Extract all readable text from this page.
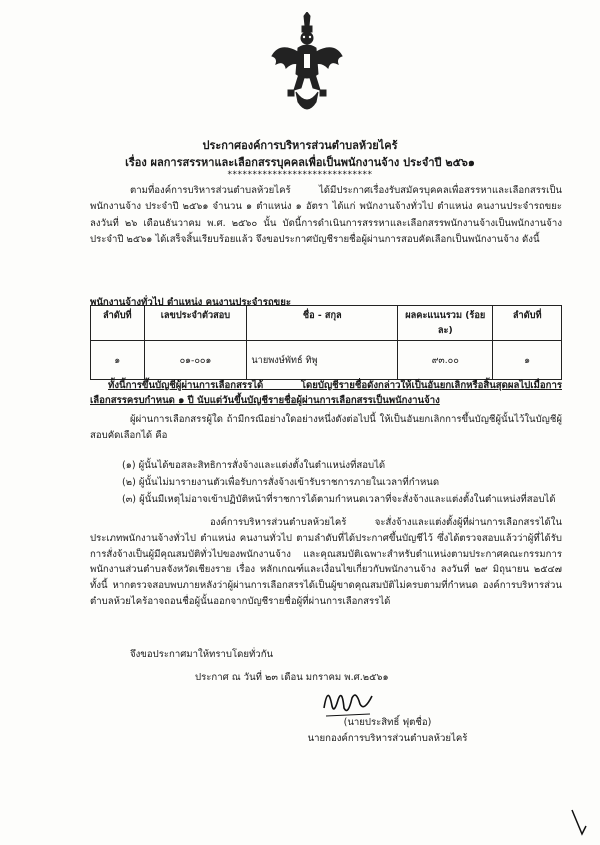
ประกาศองค์การบริหารส่วนตำบลห้วยไคร้
เรื่อง ผลการสรรหาและเลือกสรรบุคคลเพื่อเป็นพนักงานจ้าง ประจำปี ๒๕๖๑
*****************************
ตามที่องค์การบริหารส่วนตำบลห้วยไคร้ ได้มีประกาศเรื่องรับสมัครบุคคลเพื่อสรรหาและเลือกสรรเป็นพนักงานจ้าง ประจำปี ๒๕๖๑ จำนวน ๑ ตำแหน่ง ๑ อัตรา ได้แก่ พนักงานจ้างทั่วไป ตำแหน่ง คนงานประจำรถขยะ ลงวันที่ ๒๖ เดือนธันวาคม พ.ศ. ๒๕๖๐ นั้น บัดนี้การดำเนินการสรรหาและเลือกสรรพนักงานจ้างเป็นพนักงานจ้าง ประจำปี ๒๕๖๑ ได้เสร็จสิ้นเรียบร้อยแล้ว จึงขอประกาศบัญชีรายชื่อผู้ผ่านการสอบคัดเลือกเป็นพนักงานจ้าง ดังนี้
พนักงานจ้างทั่วไป ตำแหน่ง คนงานประจำรถขยะ
ลำดับที่	เลขประจำตัวสอบ	ชื่อ - สกุล	ผลคะแนนรวม (ร้อยละ)	ลำดับที่
๑	๐๑-๐๐๑	นายพงษ์พัทธ์ ทิพู	๙๓.๐๐	๑
ทั้งนี้การขึ้นบัญชีผู้ผ่านการเลือกสรรได้ โดยบัญชีรายชื่อดังกล่าวให้เป็นอันยกเลิกหรือสิ้นสุดผลไปเมื่อการเลือกสรรครบกำหนด ๑ ปี นับแต่วันขึ้นบัญชีรายชื่อผู้ผ่านการเลือกสรรเป็นพนักงานจ้าง
ผู้ผ่านการเลือกสรรผู้ใด ถ้ามีกรณีอย่างใดอย่างหนึ่งดังต่อไปนี้ ให้เป็นอันยกเลิกการขึ้นบัญชีผู้นั้นไว้ในบัญชีผู้สอบคัดเลือกได้ คือ
(๑) ผู้นั้นได้ขอสละสิทธิการสั่งจ้างและแต่งตั้งในตำแหน่งที่สอบได้
(๒) ผู้นั้นไม่มารายงานตัวเพื่อรับการสั่งจ้างเข้ารับราชการภายในเวลาที่กำหนด
(๓) ผู้นั้นมีเหตุไม่อาจเข้าปฏิบัติหน้าที่ราชการได้ตามกำหนดเวลาที่จะสั่งจ้างและแต่งตั้งในตำแหน่งที่สอบได้
องค์การบริหารส่วนตำบลห้วยไคร้ จะสั่งจ้างและแต่งตั้งผู้ที่ผ่านการเลือกสรรได้ในประเภทพนักงานจ้างทั่วไป ตำแหน่ง คนงานทั่วไป ตามลำดับที่ได้ประกาศขึ้นบัญชีไว้ ซึ่งได้ตรวจสอบแล้วว่าผู้ที่ได้รับการสั่งจ้างเป็นผู้มีคุณสมบัติทั่วไปของพนักงานจ้าง และคุณสมบัติเฉพาะสำหรับตำแหน่งตามประกาศคณะกรรมการพนักงานส่วนตำบลจังหวัดเชียงราย เรื่อง หลักเกณฑ์และเงื่อนไขเกี่ยวกับพนักงานจ้าง ลงวันที่ ๒๙ มิถุนายน ๒๕๔๗ ทั้งนี้ หากตรวจสอบพบภายหลังว่าผู้ผ่านการเลือกสรรได้เป็นผู้ขาดคุณสมบัติไม่ครบตามที่กำหนด องค์การบริหารส่วนตำบลห้วยไคร้อาจถอนชื่อผู้นั้นออกจากบัญชีรายชื่อผู้ที่ผ่านการเลือกสรรได้
จึงขอประกาศมาให้ทราบโดยทั่วกัน
ประกาศ ณ วันที่ ๒๓ เดือน มกราคม พ.ศ.๒๕๖๑
(นายประสิทธิ์ ฟุตชื่อ)
นายกองค์การบริหารส่วนตำบลห้วยไคร้
